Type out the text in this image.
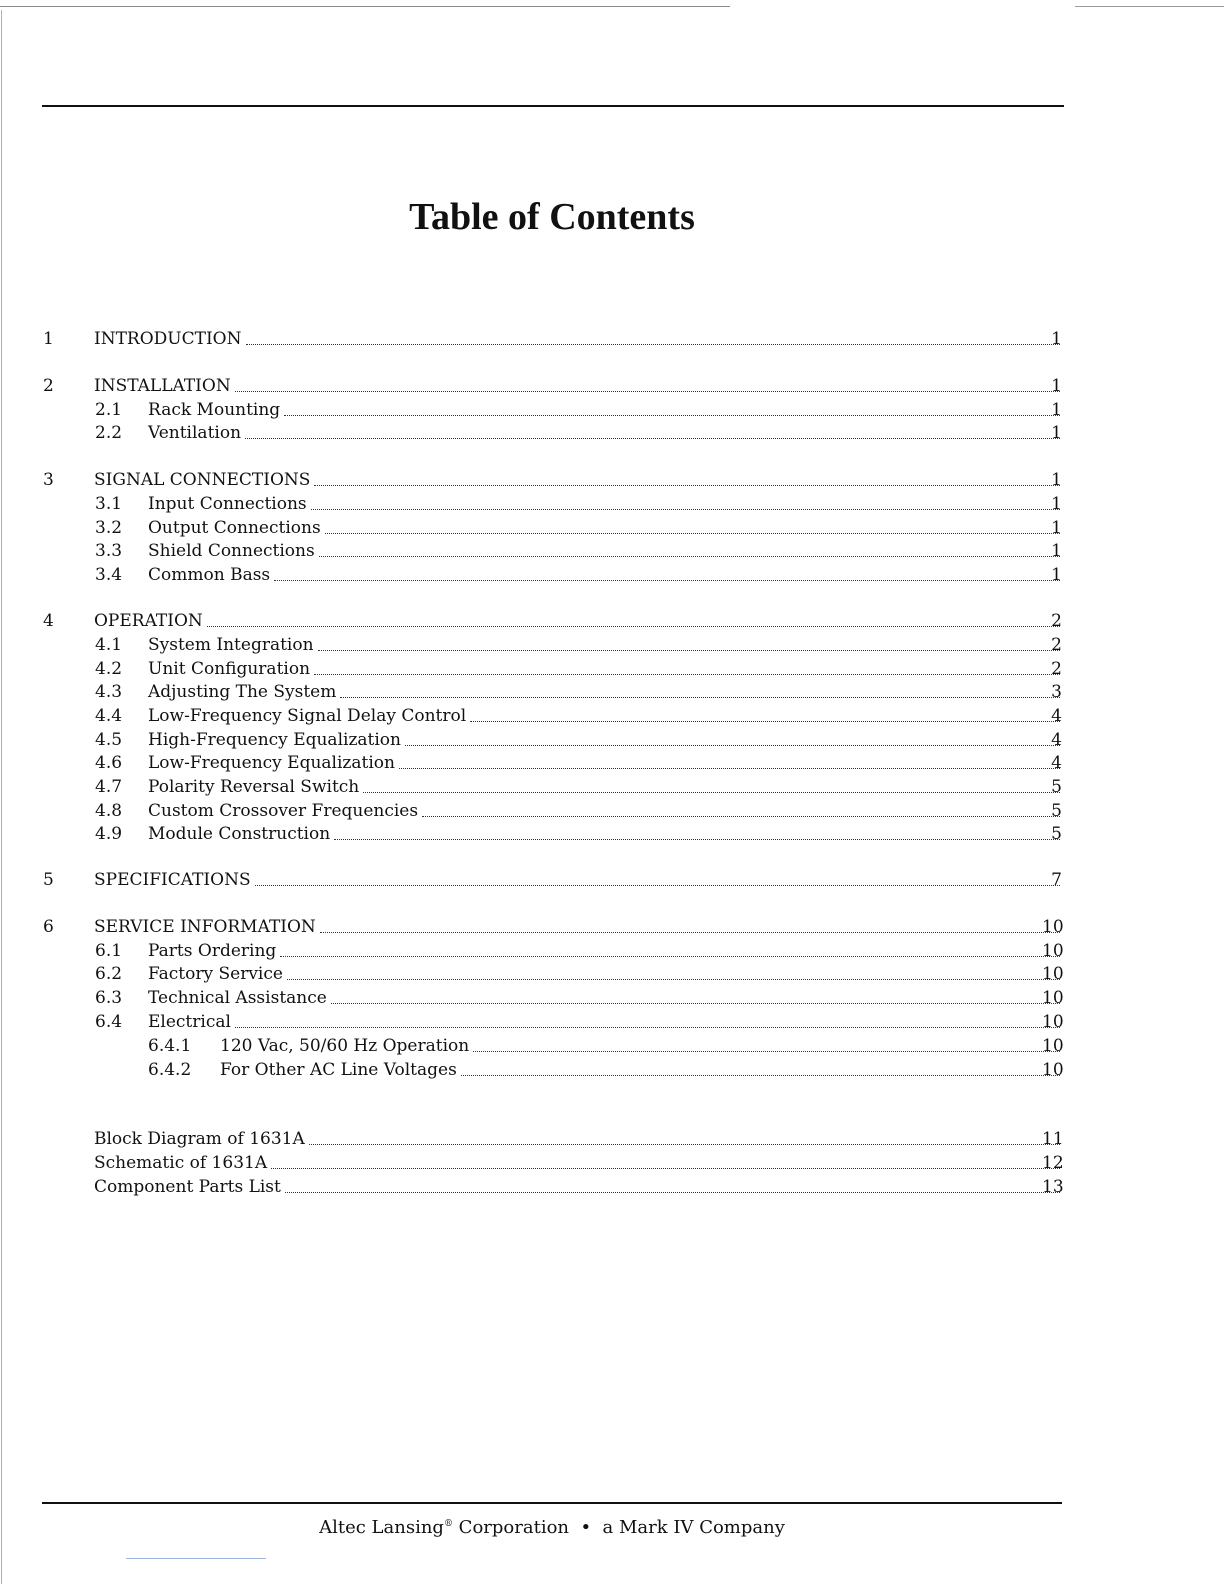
Table of Contents
1 INTRODUCTION	1
2 INSTALLATION	1
2.1 Rack Mounting	1
2.2 Ventilation	1
3 SIGNAL CONNECTIONS	1
3.1 Input Connections	1
3.2 Output Connections	1
3.3 Shield Connections	1
3.4 Common Bass	1
4 OPERATION	2
4.1 System Integration	2
4.2 Unit Configuration	2
4.3 Adjusting The System	3
4.4 Low-Frequency Signal Delay Control	4
4.5 High-Frequency Equalization	4
4.6 Low-Frequency Equalization	4
4.7 Polarity Reversal Switch	5
4.8 Custom Crossover Frequencies	5
4.9 Module Construction	5
5 SPECIFICATIONS	7
6 SERVICE INFORMATION	10
6.1 Parts Ordering	10
6.2 Factory Service	10
6.3 Technical Assistance	10
6.4 Electrical	10
6.4.1 120 Vac, 50/60 Hz Operation	10
6.4.2 For Other AC Line Voltages	10
Block Diagram of 1631A	11
Schematic of 1631A	12
Component Parts List	13
Altec Lansing® Corporation  •  a Mark IV Company
